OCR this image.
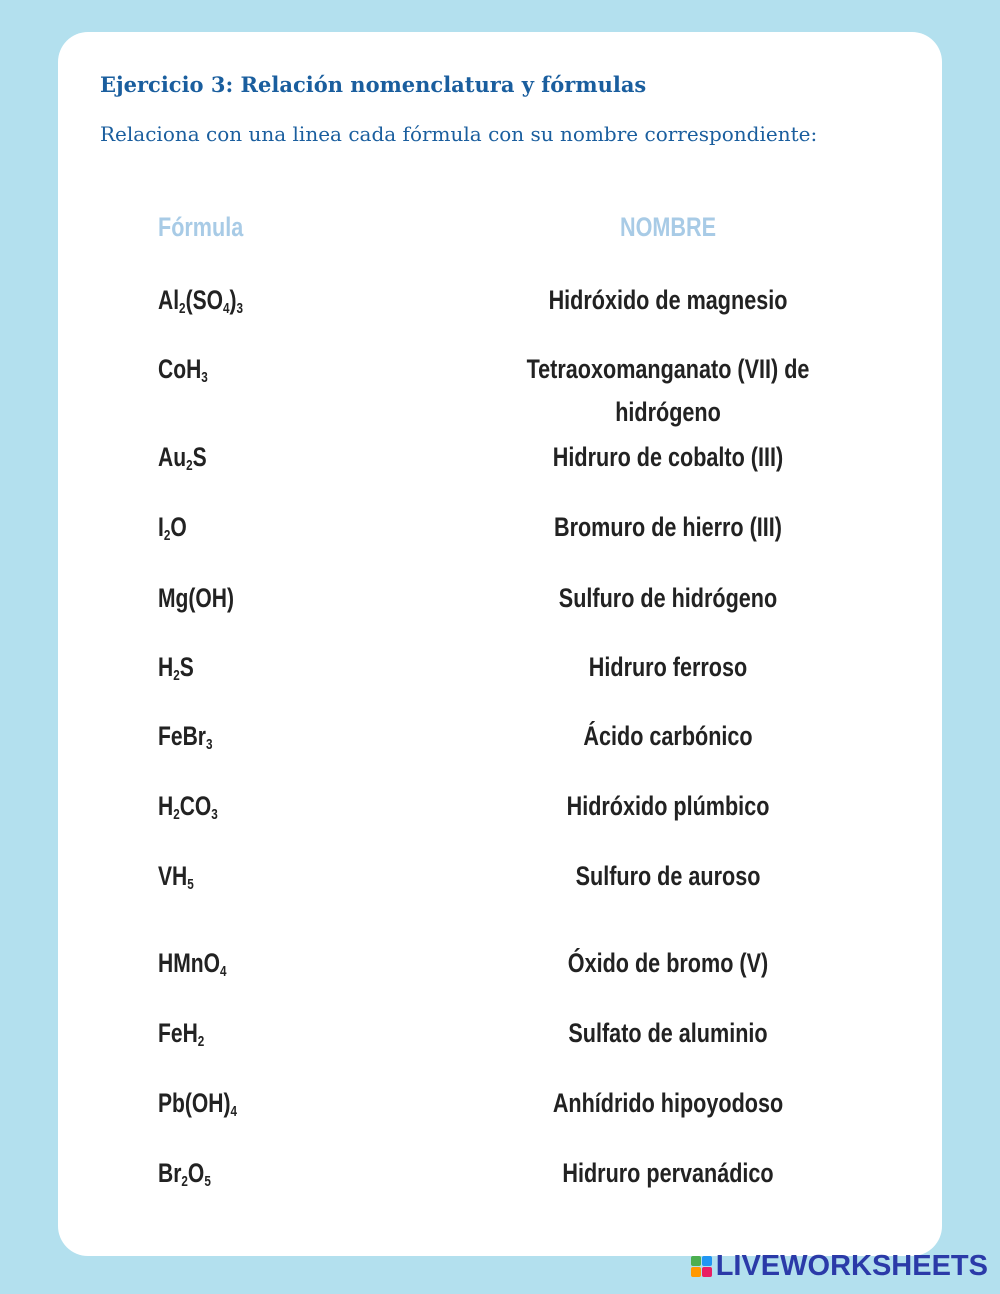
Ejercicio 3: Relación nomenclatura y fórmulas
Relaciona con una linea cada fórmula con su nombre correspondiente:
Fórmula	NOMBRE
$Al_2(SO_4)_3$
CoH$_3$
$Au_2S$
$I_2O$
Mg(OH)
$H_2S$
FeBr$_3$
$H_2CO_3$
$VH_5$
HMnO$_4$
FeH$_2$
$Pb(OH)_4$
$Br_2O_5$
Hidróxido de magnesio
Tetraoxomanganato (VII) de
hidrógeno
Hidruro de cobalto (III)
Bromuro de hierro (III)
Sulfuro de hidrógeno
Hidruro ferroso
Ácido carbónico
Hidróxido plúmbico
Sulfuro de auroso
Óxido de bromo (V)
Sulfato de aluminio
Anhídrido hipoyodoso
Hidruro pervanádico
LIVEWORKSHEETS
